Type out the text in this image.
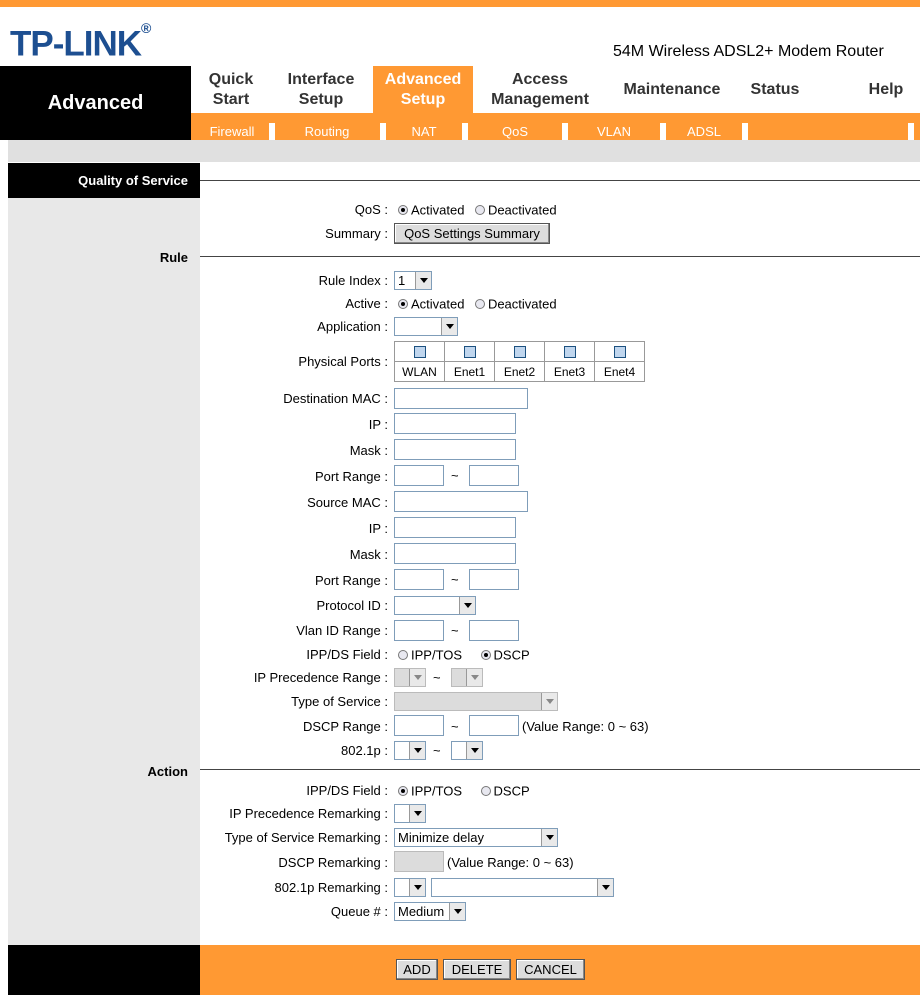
TP-LINK®
54M Wireless ADSL2+ Modem Router
Advanced
Quick
Start
Interface
Setup
Advanced
Setup
Access
Management
Maintenance Status	Help
Firewall	Routing	NAT	QoS	VLAN	ADSL
Quality of Service
QoS :	Activated Deactivated
Summary :	QoS Settings Summary
Rule
Rule Index : 1
Active :	Activated Deactivated
Application :
Physical Ports :

WLAN	Enet1	Enet2	Enet3	Enet4
Destination MAC :
IP :
Mask :
Port Range :	~
Source MAC :
IP :
Mask :
Port Range :	~
Protocol ID :
Vlan ID Range :	~
IPP/DS Field :	IPP/TOS DSCP
IP Precedence Range :	~
Type of Service :
DSCP Range :	~	(Value Range: 0 ~ 63)
802.1p :	~
Action
IPP/DS Field :	IPP/TOS DSCP
IP Precedence Remarking :
Type of Service Remarking : Minimize delay
DSCP Remarking :	(Value Range: 0 ~ 63)
802.1p Remarking :
Queue # : Medium
ADD	DELETE	CANCEL
